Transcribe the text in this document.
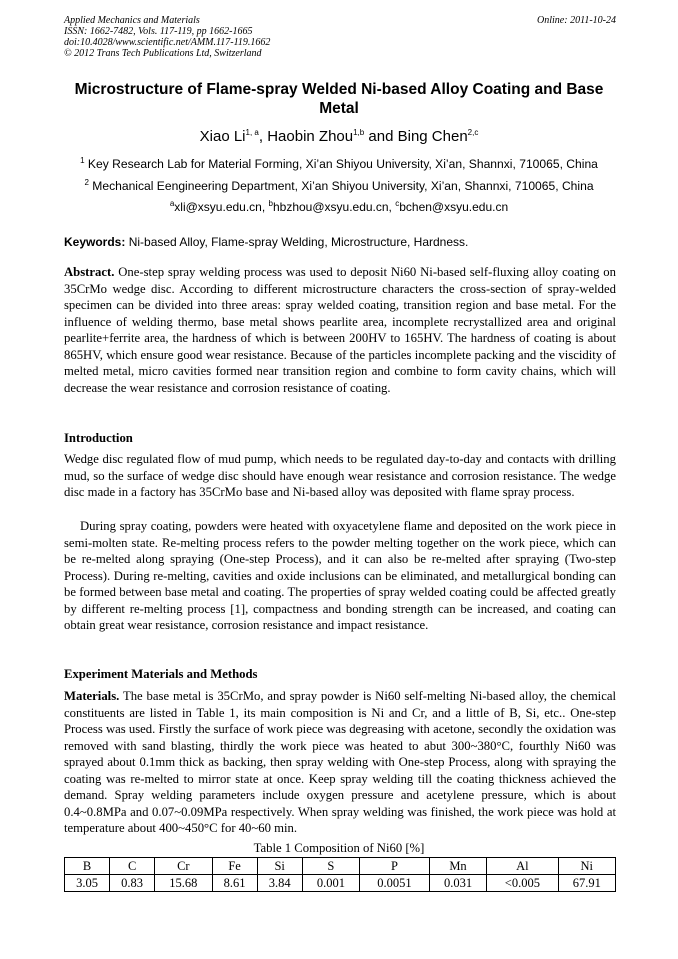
Applied Mechanics and Materials
ISSN: 1662-7482, Vols. 117-119, pp 1662-1665
doi:10.4028/www.scientific.net/AMM.117-119.1662
© 2012 Trans Tech Publications Ltd, Switzerland
Online: 2011-10-24
Microstructure of Flame-spray Welded Ni-based Alloy Coating and Base Metal
Xiao Li$^{1, a}$, Haobin Zhou$^{1,b}$ and Bing Chen$^{2,c}$
$^1$ Key Research Lab for Material Forming, Xi’an Shiyou University, Xi’an, Shannxi, 710065, China
$^2$ Mechanical Eengineering Department, Xi’an Shiyou University, Xi’an, Shannxi, 710065, China
$^a$xli@xsyu.edu.cn, $^b$hbzhou@xsyu.edu.cn, $^c$bchen@xsyu.edu.cn
Keywords: Ni-based Alloy, Flame-spray Welding, Microstructure, Hardness.
Abstract. One-step spray welding process was used to deposit Ni60 Ni-based self-fluxing alloy coating on 35CrMo wedge disc. According to different microstructure characters the cross-section of spray-welded specimen can be divided into three areas: spray welded coating, transition region and base metal. For the influence of welding thermo, base metal shows pearlite area, incomplete recrystallized area and original pearlite+ferrite area, the hardness of which is between 200HV to 165HV. The hardness of coating is about 865HV, which ensure good wear resistance. Because of the particles incomplete packing and the viscidity of melted metal, micro cavities formed near transition region and combine to form cavity chains, which will decrease the wear resistance and corrosion resistance of coating.
Introduction
Wedge disc regulated flow of mud pump, which needs to be regulated day-to-day and contacts with drilling mud, so the surface of wedge disc should have enough wear resistance and corrosion resistance. The wedge disc made in a factory has 35CrMo base and Ni-based alloy was deposited with flame spray process.
During spray coating, powders were heated with oxyacetylene flame and deposited on the work piece in semi-molten state. Re-melting process refers to the powder melting together on the work piece, which can be re-melted along spraying (One-step Process), and it can also be re-melted after spraying (Two-step Process). During re-melting, cavities and oxide inclusions can be eliminated, and metallurgical bonding can be formed between base metal and coating. The properties of spray welded coating could be affected greatly by different re-melting process [1], compactness and bonding strength can be increased, and coating can obtain great wear resistance, corrosion resistance and impact resistance.
Experiment Materials and Methods
Materials. The base metal is 35CrMo, and spray powder is Ni60 self-melting Ni-based alloy, the chemical constituents are listed in Table 1, its main composition is Ni and Cr, and a little of B, Si, etc.. One-step Process was used. Firstly the surface of work piece was degreasing with acetone, secondly the oxidation was removed with sand blasting, thirdly the work piece was heated to abut 300~380°C, fourthly Ni60 was sprayed about 0.1mm thick as backing, then spray welding with One-step Process, along with spraying the coating was re-melted to mirror state at once. Keep spray welding till the coating thickness achieved the demand. Spray welding parameters include oxygen pressure and acetylene pressure, which is about 0.4~0.8MPa and 0.07~0.09MPa respectively. When spray welding was finished, the work piece was hold at temperature about 400~450°C for 40~60 min.
Table 1 Composition of Ni60 [%]
B	C	Cr	Fe	Si	S	P	Mn	Al	Ni
3.05	0.83	15.68	8.61	3.84	0.001	0.0051	0.031	<0.005	67.91
